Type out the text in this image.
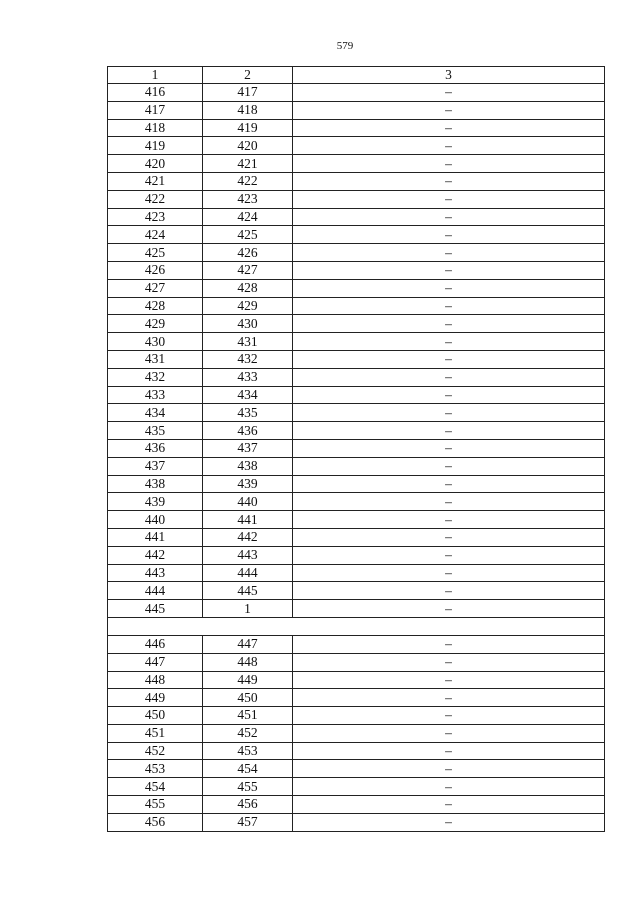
579
1	2	3
416	417	–
417	418	–
418	419	–
419	420	–
420	421	–
421	422	–
422	423	–
423	424	–
424	425	–
425	426	–
426	427	–
427	428	–
428	429	–
429	430	–
430	431	–
431	432	–
432	433	–
433	434	–
434	435	–
435	436	–
436	437	–
437	438	–
438	439	–
439	440	–
440	441	–
441	442	–
442	443	–
443	444	–
444	445	–
445	1	–

446	447	–
447	448	–
448	449	–
449	450	–
450	451	–
451	452	–
452	453	–
453	454	–
454	455	–
455	456	–
456	457	–
